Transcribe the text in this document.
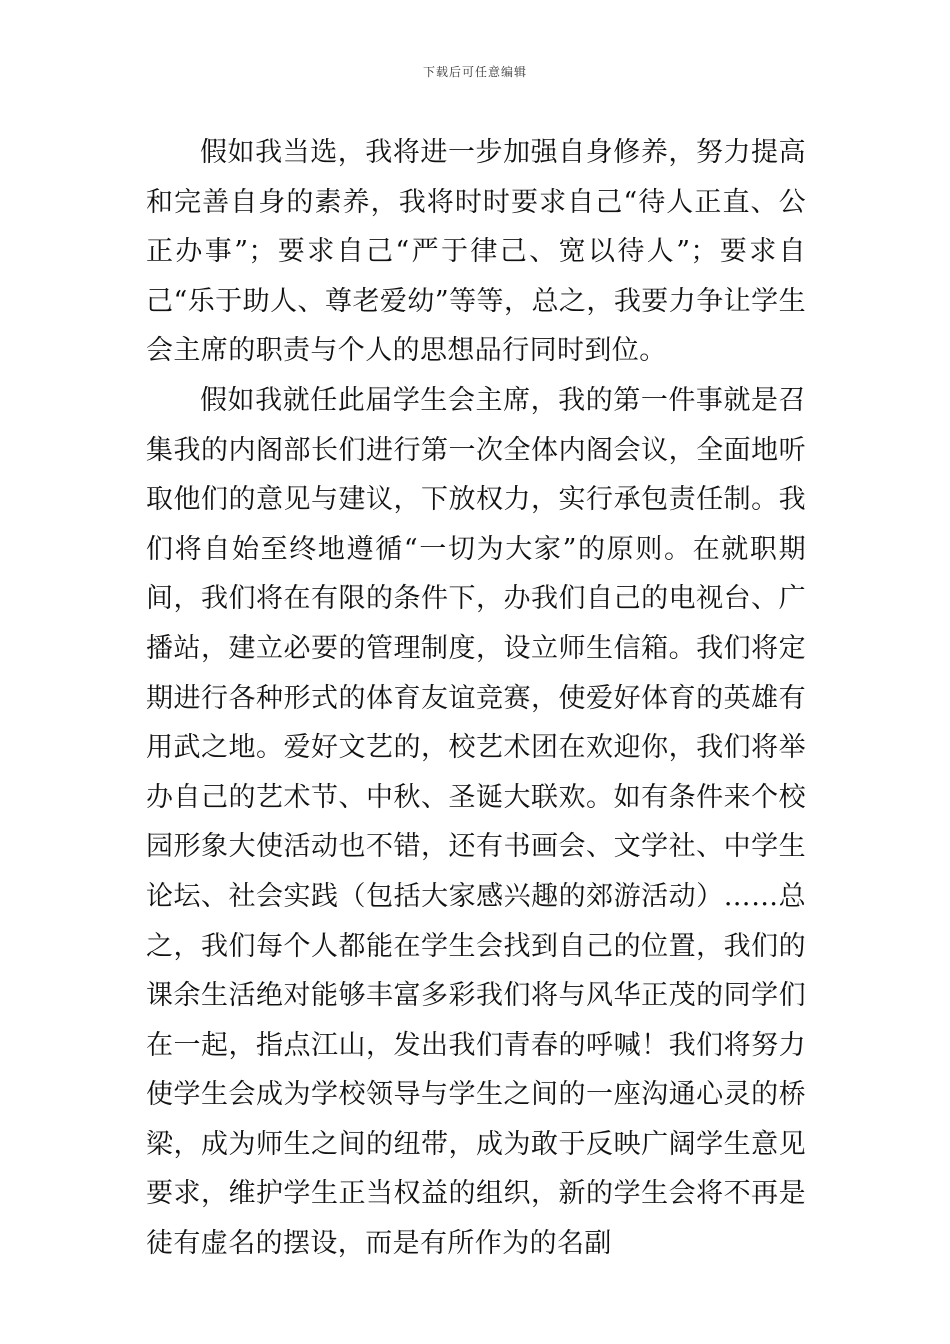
下载后可任意编辑

假如我当选，我将进一步加强自身修养，努力提高和完善自身的素养，我将时时要求自己“待人正直、公正办事”；要求自己“严于律己、宽以待人”；要求自己“乐于助人、尊老爱幼”等等，总之，我要力争让学生会主席的职责与个人的思想品行同时到位。

假如我就任此届学生会主席，我的第一件事就是召集我的内阁部长们进行第一次全体内阁会议，全面地听取他们的意见与建议，下放权力，实行承包责任制。我们将自始至终地遵循“一切为大家”的原则。在就职期间，我们将在有限的条件下，办我们自己的电视台、广播站，建立必要的管理制度，设立师生信箱。我们将定期进行各种形式的体育友谊竞赛，使爱好体育的英雄有用武之地。爱好文艺的，校艺术团在欢迎你，我们将举办自己的艺术节、中秋、圣诞大联欢。如有条件来个校园形象大使活动也不错，还有书画会、文学社、中学生论坛、社会实践（包括大家感兴趣的郊游活动）……总之，我们每个人都能在学生会找到自己的位置，我们的课余生活绝对能够丰富多彩我们将与风华正茂的同学们在一起，指点江山，发出我们青春的呼喊！我们将努力使学生会成为学校领导与学生之间的一座沟通心灵的桥梁，成为师生之间的纽带，成为敢于反映广阔学生意见要求，维护学生正当权益的组织，新的学生会将不再是徒有虚名的摆设，而是有所作为的名副
